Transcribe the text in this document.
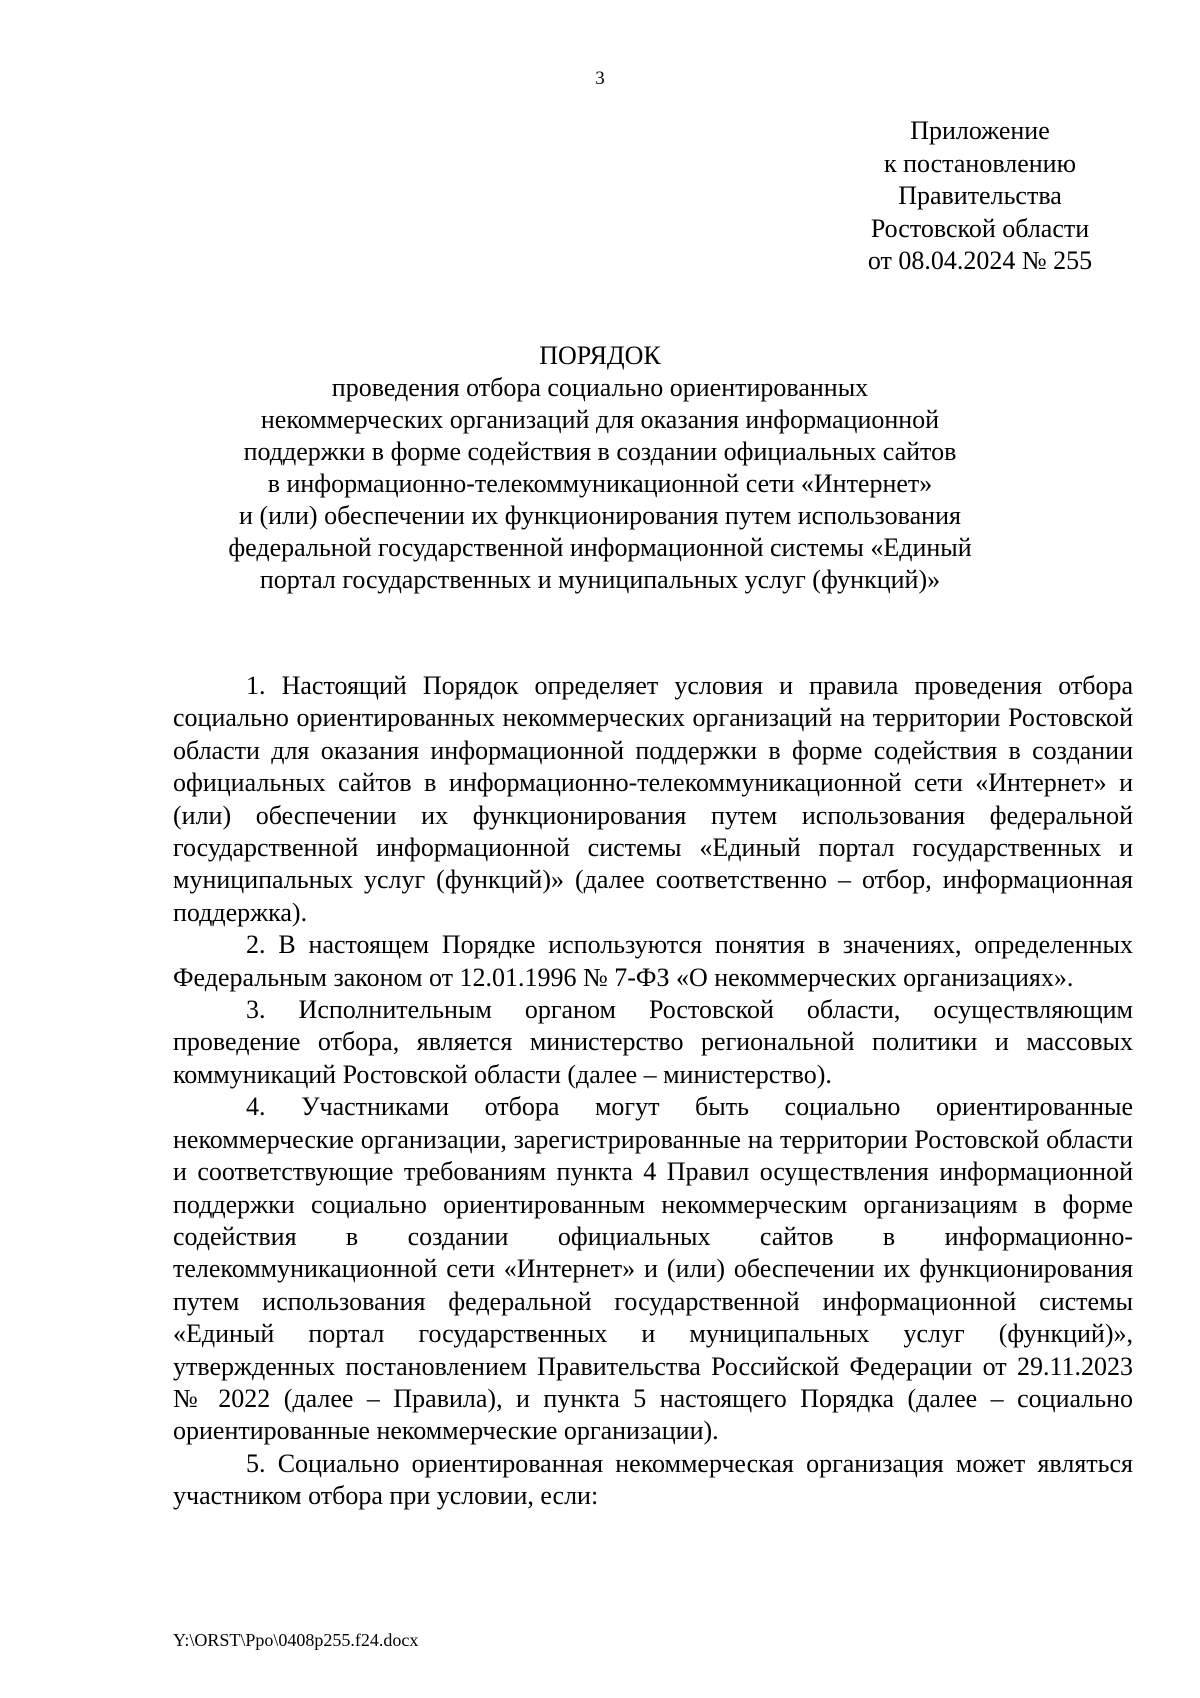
3
Приложение
к постановлению
Правительства
Ростовской области
от 08.04.2024 № 255
ПОРЯДОК
проведения отбора социально ориентированных
некоммерческих организаций для оказания информационной
поддержки в форме содействия в создании официальных сайтов
в информационно-телекоммуникационной сети «Интернет»
и (или) обеспечении их функционирования путем использования
федеральной государственной информационной системы «Единый
портал государственных и муниципальных услуг (функций)»

1. Настоящий Порядок определяет условия и правила проведения отбора социально ориентированных некоммерческих организаций на территории Ростовской области для оказания информационной поддержки в форме содействия в создании официальных сайтов в информационно-телекоммуникационной сети «Интернет» и (или) обеспечении их функционирования путем использования федеральной государственной информационной системы «Единый портал государственных и муниципальных услуг (функций)» (далее соответственно – отбор, информационная поддержка).

2. В настоящем Порядке используются понятия в значениях, определенных Федеральным законом от 12.01.1996 № 7-ФЗ «О некоммерческих организациях».

3. Исполнительным органом Ростовской области, осуществляющим проведение отбора, является министерство региональной политики и массовых коммуникаций Ростовской области (далее – министерство).

4. Участниками отбора могут быть социально ориентированные некоммерческие организации, зарегистрированные на территории Ростовской области и соответствующие требованиям пункта 4 Правил осуществления информационной поддержки социально ориентированным некоммерческим организациям в форме содействия в создании официальных сайтов в информационно-телекоммуникационной сети «Интернет» и (или) обеспечении их функционирования путем использования федеральной государственной информационной системы «Единый портал государственных и муниципальных услуг (функций)», утвержденных постановлением Правительства Российской Федерации от 29.11.2023 № 2022 (далее – Правила), и пункта 5 настоящего Порядка (далее – социально ориентированные некоммерческие организации).

5. Социально ориентированная некоммерческая организация может являться участником отбора при условии, если:

Y:\ORST\Ppo\0408p255.f24.docx
